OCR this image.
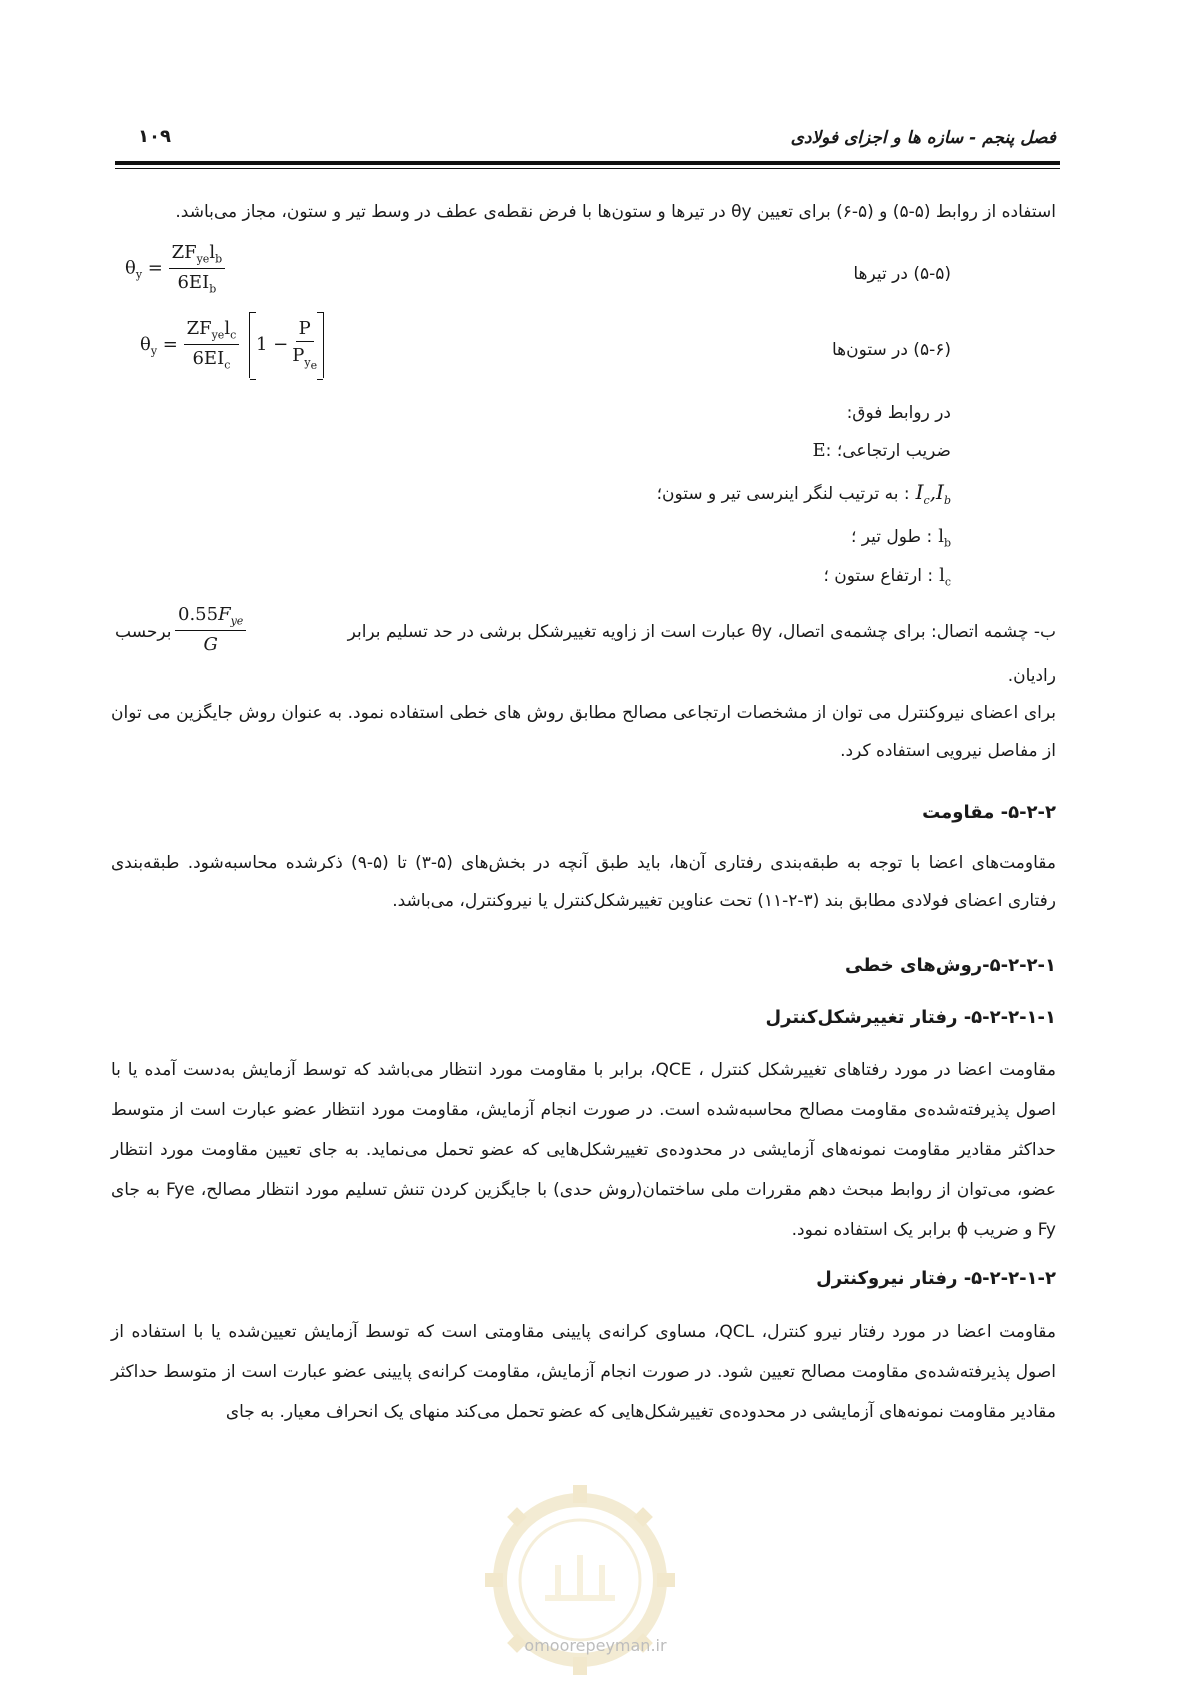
فصل پنجم - سازه ها و اجزای فولادی
۱۰۹
استفاده از روابط (۵-۵) و (۵-۶) برای تعیین θy در تیرها و ستون‌ها با فرض نقطه‌ی عطف در وسط تیر و ستون، مجاز می‌باشد.
$\theta_y = \frac{ZF_{ye}l_b}{6EI_b}$	(۵-۵) در تیرها
$\theta_y = \frac{ZF_{ye}l_c}{6EI_c}$
$1 - \frac{P}{P_{y_e}}$	(۵-۶) در ستون‌ها
در روابط فوق:
E: ضریب ارتجاعی؛
$I_c,I_b$: به ترتیب لنگر اینرسی تیر و ستون؛
$l_b$: طول تیر ؛
$l_c$: ارتفاع ستون ؛
ب- چشمه اتصال: برای چشمه‌ی اتصال، θy عبارت است از زاویه تغییرشکل برشی در حد تسلیم برابر
$\frac{0.55F_{ye}}{G}$
برحسب
رادیان.
برای اعضای نیروکنترل می توان از مشخصات ارتجاعی مصالح مطابق روش های خطی استفاده نمود. به عنوان روش جایگزین می توان از مفاصل نیرویی استفاده کرد.
۵-۲-۲- مقاومت
مقاومت‌های اعضا با توجه به طبقه‌بندی رفتاری آن‌ها، باید طبق آنچه در بخش‌های (۵-۳) تا (۵-۹) ذکرشده محاسبه‌شود. طبقه‌بندی رفتاری اعضای فولادی مطابق بند (۳-۲-۱۱) تحت عناوین تغییرشکل‌کنترل یا نیروکنترل، می‌باشد.
۵-۲-۲-۱-روش‌های خطی
۵-۲-۲-۱-۱- رفتار تغییرشکل‌کنترل
مقاومت اعضا در مورد رفتاهای تغییرشکل کنترل ، QCE، برابر با مقاومت مورد انتظار می‌باشد که توسط آزمایش به‌دست آمده یا با اصول پذیرفته‌شده‌ی مقاومت مصالح محاسبه‌شده است. در صورت انجام آزمایش، مقاومت مورد انتظار عضو عبارت است از متوسط حداکثر مقادیر مقاومت نمونه‌های آزمایشی در محدوده‌ی تغییرشکل‌هایی که عضو تحمل می‌نماید. به جای تعیین مقاومت مورد انتظار عضو، می‌توان از روابط مبحث دهم مقررات ملی ساختمان(روش حدی) با جایگزین کردن تنش تسلیم مورد انتظار مصالح، Fye به جای Fy و ضریب ϕ برابر یک استفاده نمود.
۵-۲-۲-۱-۲- رفتار نیروکنترل
مقاومت اعضا در مورد رفتار نیرو کنترل، QCL، مساوی کرانه‌ی پایینی مقاومتی است که توسط آزمایش تعیین‌شده یا با استفاده از اصول پذیرفته‌شده‌ی مقاومت مصالح تعیین شود. در صورت انجام آزمایش، مقاومت کرانه‌ی پایینی عضو عبارت است از متوسط حداکثر مقادیر مقاومت نمونه‌های آزمایشی در محدوده‌ی تغییرشکل‌هایی که عضو تحمل می‌کند منهای یک انحراف معیار. به جای
omoorepeyman.ir
